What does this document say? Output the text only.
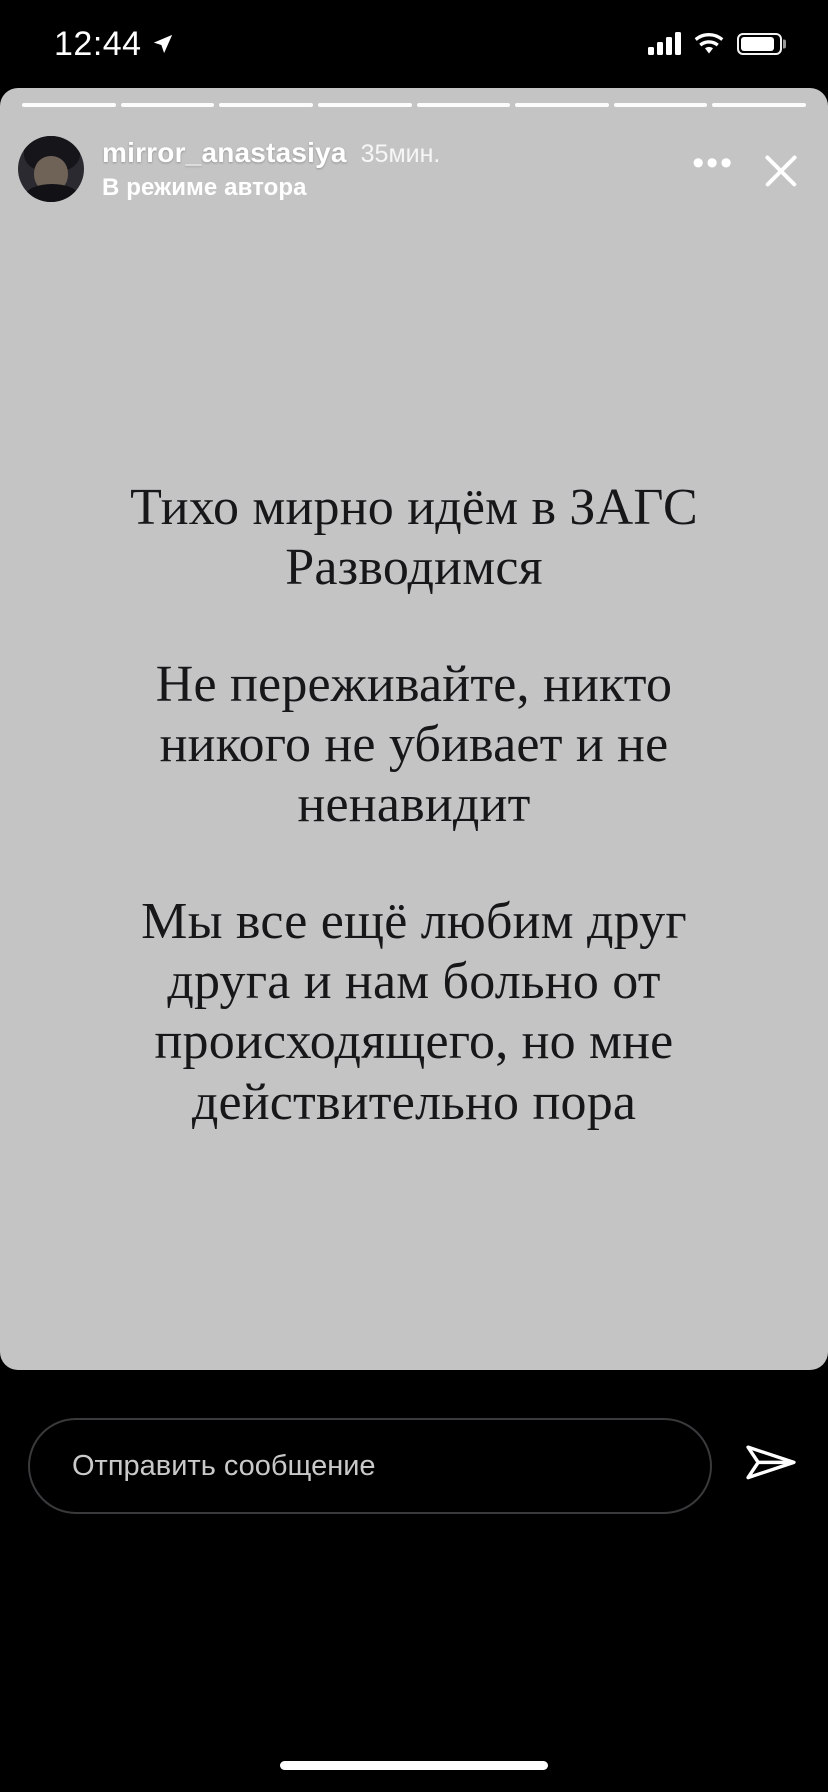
12:44
mirror_anastasiya 35мин.
В режиме автора
•••
Тихо мирно идём в ЗАГС Разводимся
Не переживайте, никто никого не убивает и не ненавидит
Мы все ещё любим друг друга и нам больно от происходящего, но мне действительно пора
Отправить сообщение
